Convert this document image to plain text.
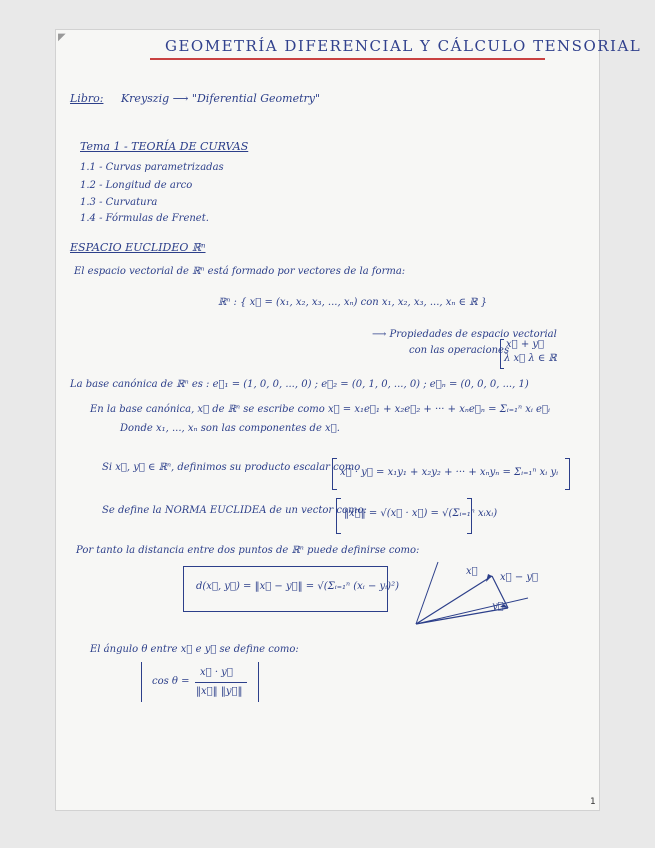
◤	GEOMETRÍA DIFERENCIAL Y CÁLCULO TENSORIAL
Libro: Kreyszig ⟶ "Diferential Geometry"
Tema 1 - TEORÍA DE CURVAS
1.1 - Curvas parametrizadas
1.2 - Longitud de arco
1.3 - Curvatura
1.4 - Fórmulas de Frenet.
ESPACIO EUCLIDEO ℝⁿ
El espacio vectorial de ℝⁿ está formado por vectores de la forma:
ℝⁿ : { x⃗ = (x₁, x₂, x₃, ..., xₙ) con x₁, x₂, x₃, ..., xₙ ∈ ℝ }
⟶ Propiedades de espacio vectorial
con las operaciones
x⃗ + y⃗
λ x⃗ λ ∈ ℝ
La base canónica de ℝⁿ es : e⃗₁ = (1, 0, 0, ..., 0) ; e⃗₂ = (0, 1, 0, ..., 0) ; e⃗ₙ = (0, 0, 0, ..., 1)
En la base canónica, x⃗ de ℝⁿ se escribe como x⃗ = x₁e⃗₁ + x₂e⃗₂ + ··· + xₙe⃗ₙ = Σᵢ₌₁ⁿ xᵢ e⃗ᵢ
Donde x₁, ..., xₙ son las componentes de x⃗.
Si x⃗, y⃗ ∈ ℝⁿ, definimos su producto escalar como
x⃗ · y⃗ = x₁y₁ + x₂y₂ + ··· + xₙyₙ = Σᵢ₌₁ⁿ xᵢ yᵢ
Se define la NORMA EUCLIDEA de un vector como:
‖x⃗‖ = √(x⃗ · x⃗) = √(Σᵢ₌₁ⁿ xᵢxᵢ)
Por tanto la distancia entre dos puntos de ℝⁿ puede definirse como:
d(x⃗, y⃗) = ‖x⃗ − y⃗‖ = √(Σᵢ₌₁ⁿ (xᵢ − yᵢ)²)
x⃗
y⃗
x⃗ − y⃗
El ángulo θ entre x⃗ e y⃗ se define como:
cos θ =
x⃗ · y⃗
‖x⃗‖ ‖y⃗‖
1
